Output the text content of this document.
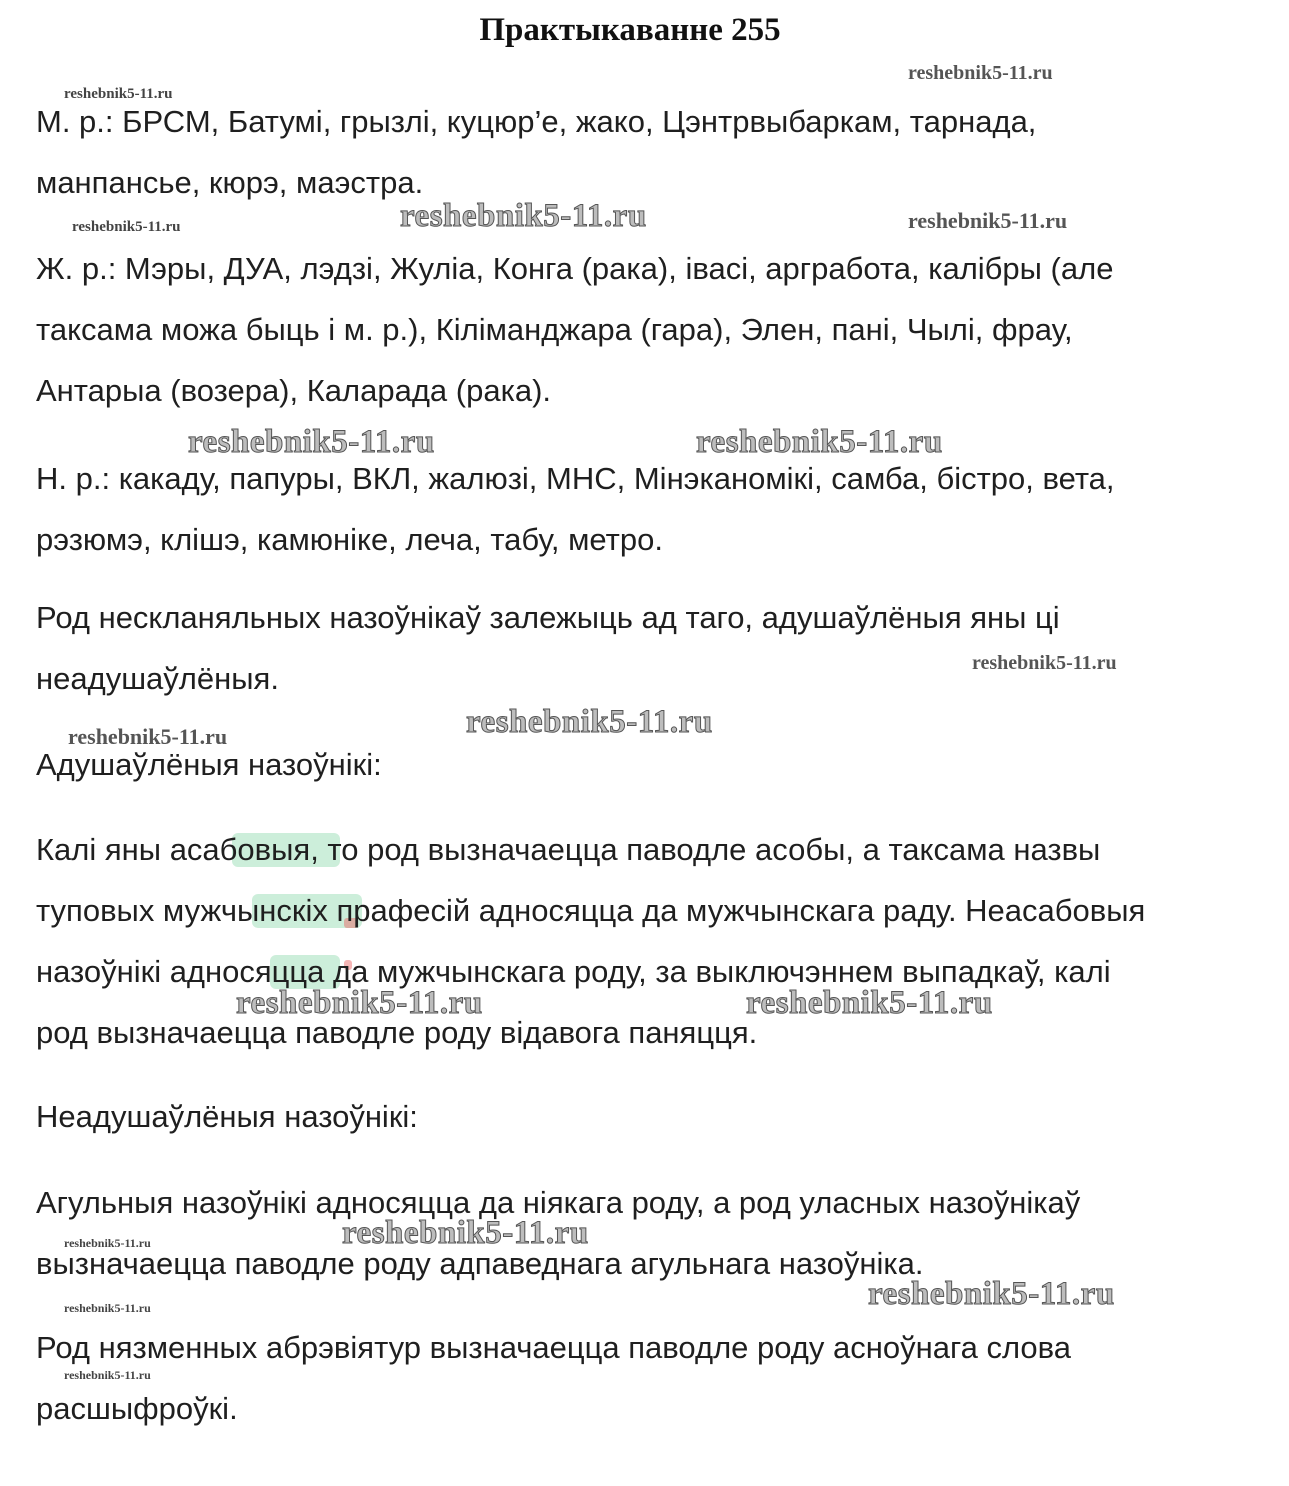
Практыкаванне 255
М. р.: БРСМ, Батумі, грызлі, куцюр’е, жако, Цэнтрвыбаркам, тарнада,
манпансье, кюрэ, маэстра.
Ж. р.: Мэры, ДУА, лэдзі, Жуліа, Конга (рака), івасі, аргработа, калібры (але
таксама можа быць і м. р.), Кіліманджара (гара), Элен, пані, Чылі, фрау,
Антарыа (возера), Каларада (рака).
Н. р.: какаду, папуры, ВКЛ, жалюзі, МНС, Мінэканомікі, самба, бістро, вета,
рэзюмэ, клішэ, камюніке, леча, табу, метро.
Род нескланяльных назоўнікаў залежыць ад таго, адушаўлёныя яны ці
неадушаўлёныя.
Адушаўлёныя назоўнікі:
Калі яны асабовыя, то род вызначаецца паводле асобы, а таксама назвы
туповых мужчынскіх прафесій адносяцца да мужчынскага раду. Неасабовыя
назоўнікі адносяцца да мужчынскага роду, за выключэннем выпадкаў, калі
род вызначаецца паводле роду відавога паняцця.
Неадушаўлёныя назоўнікі:
Агульныя назоўнікі адносяцца да ніякага роду, а род уласных назоўнікаў
вызначаецца паводле роду адпаведнага агульнага назоўніка.
Род нязменных абрэвіятур вызначаецца паводле роду асноўнага слова
расшыфроўкі.
reshebnik5-11.ru
reshebnik5-11.ru
reshebnik5-11.ru	reshebnik5-11.ru	reshebnik5-11.ru
reshebnik5-11.ru	reshebnik5-11.ru
reshebnik5-11.ru
reshebnik5-11.ru
reshebnik5-11.ru
reshebnik5-11.ru	reshebnik5-11.ru
reshebnik5-11.ru
reshebnik5-11.ru
reshebnik5-11.ru
reshebnik5-11.ru
reshebnik5-11.ru
